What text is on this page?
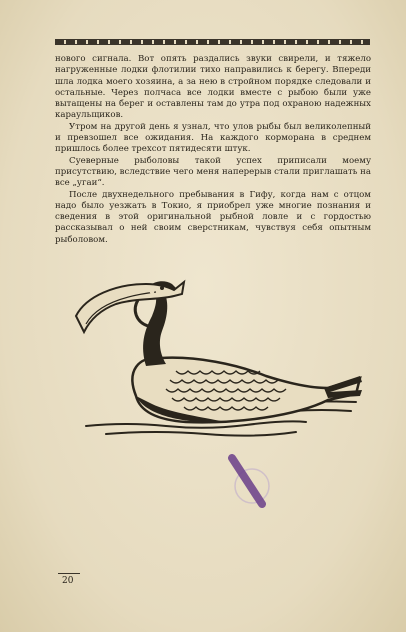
нового сигнала. Вот опять раздались звуки свирели, и тяжело нагруженные лодки флотилии тихо направились к берегу. Впереди шла лодка моего хозяина, а за нею в стройном порядке следовали и остальные. Через полчаса все лодки вместе с рыбою были уже вытащены на берег и оставлены там до утра под охраною надежных караульщиков.

Утром на другой день я узнал, что улов рыбы был великолепный и превзошел все ожидания. На каждого корморана в среднем пришлось более трехсот пятидесяти штук.

Суеверные рыболовы такой успех приписали моему присутствию, вследствие чего меня наперерыв стали приглашать на все „угаи“.

После двухнедельного пребывания в Гифу, когда нам с отцом надо было уезжать в Токио, я приобрел уже многие познания и сведения в этой оригинальной рыбной ловле и с гордостью рассказывал о ней своим сверстникам, чувствуя себя опытным рыболовом.

20
